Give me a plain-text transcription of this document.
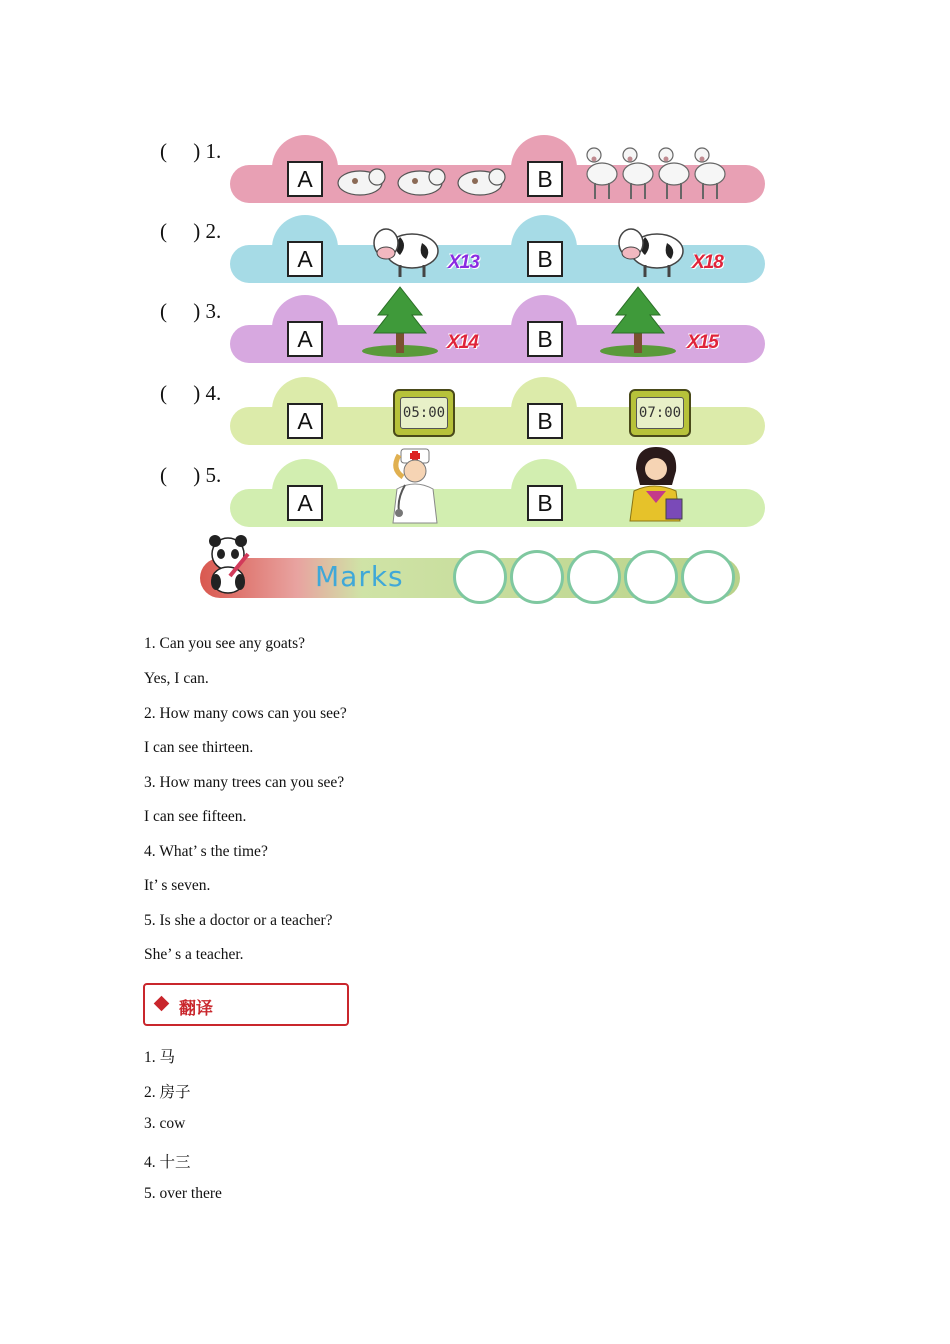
(     ) 1.
A	B
(     ) 2.
A	B
X13	X18
(     ) 3.
A	B
X14	X15
(     ) 4.
A	B
05:00	07:00
(     ) 5.
A	B
Marks
1. Can you see any goats?
Yes, I can.
2. How many cows can you see?
I can see thirteen.
3. How many trees can you see?
I can see fifteen.
4. What’ s the time?
It’ s seven.
5. Is she a doctor or a teacher?
She’ s a teacher.
翻译
1. 马
2. 房子
3. cow
4. 十三
5. over there
